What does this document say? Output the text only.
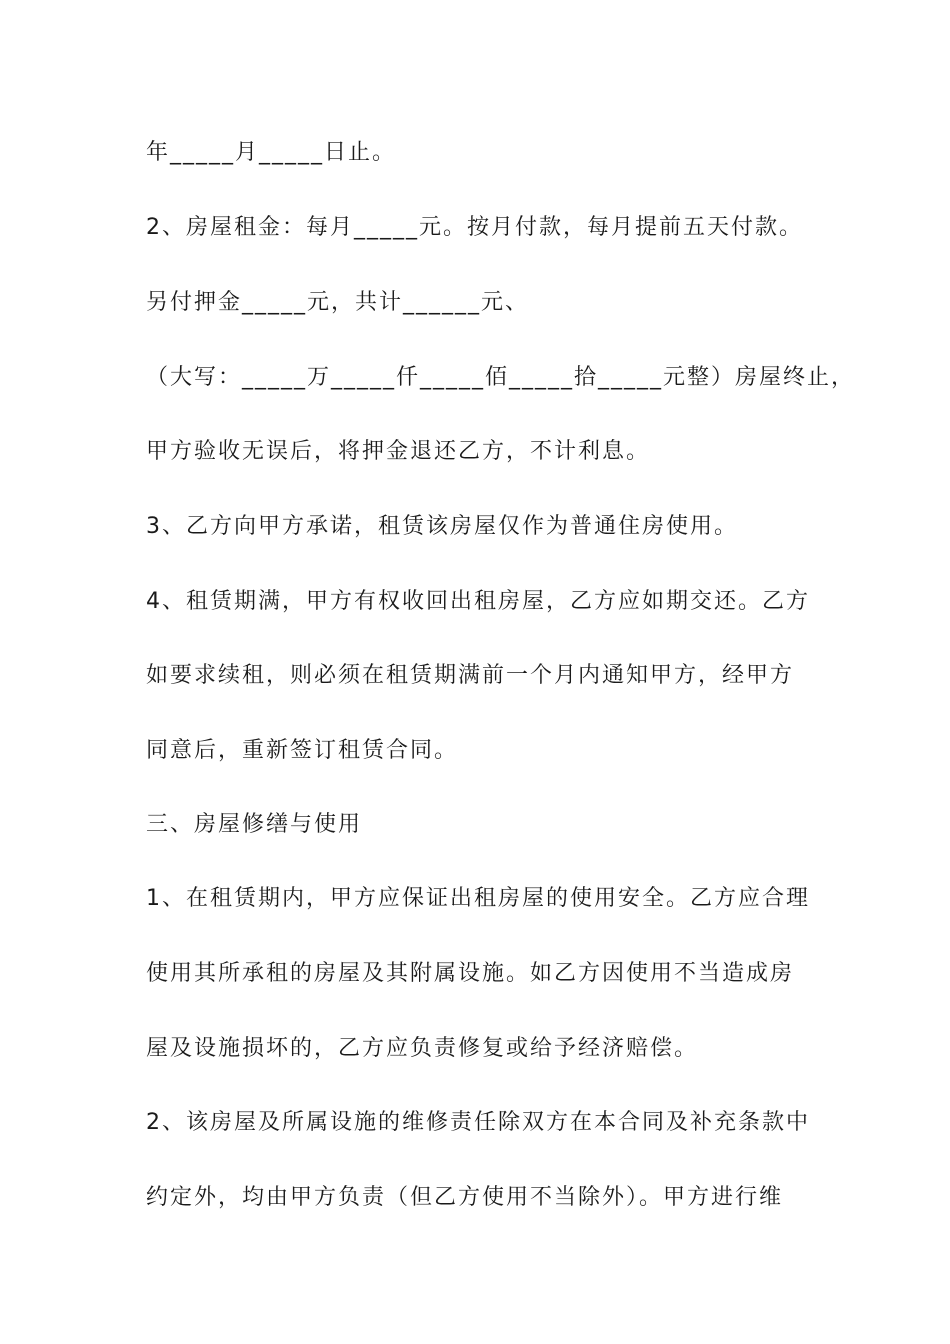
年_____月_____日止。

2、房屋租金：每月_____元。按月付款，每月提前五天付款。

另付押金_____元，共计______元、

（大写：_____万_____仟_____佰_____拾_____元整）房屋终止，

甲方验收无误后，将押金退还乙方，不计利息。

3、乙方向甲方承诺，租赁该房屋仅作为普通住房使用。

4、租赁期满，甲方有权收回出租房屋，乙方应如期交还。乙方

如要求续租，则必须在租赁期满前一个月内通知甲方，经甲方

同意后，重新签订租赁合同。

三、房屋修缮与使用

1、在租赁期内，甲方应保证出租房屋的使用安全。乙方应合理

使用其所承租的房屋及其附属设施。如乙方因使用不当造成房

屋及设施损坏的，乙方应负责修复或给予经济赔偿。

2、该房屋及所属设施的维修责任除双方在本合同及补充条款中

约定外，均由甲方负责（但乙方使用不当除外）。甲方进行维
